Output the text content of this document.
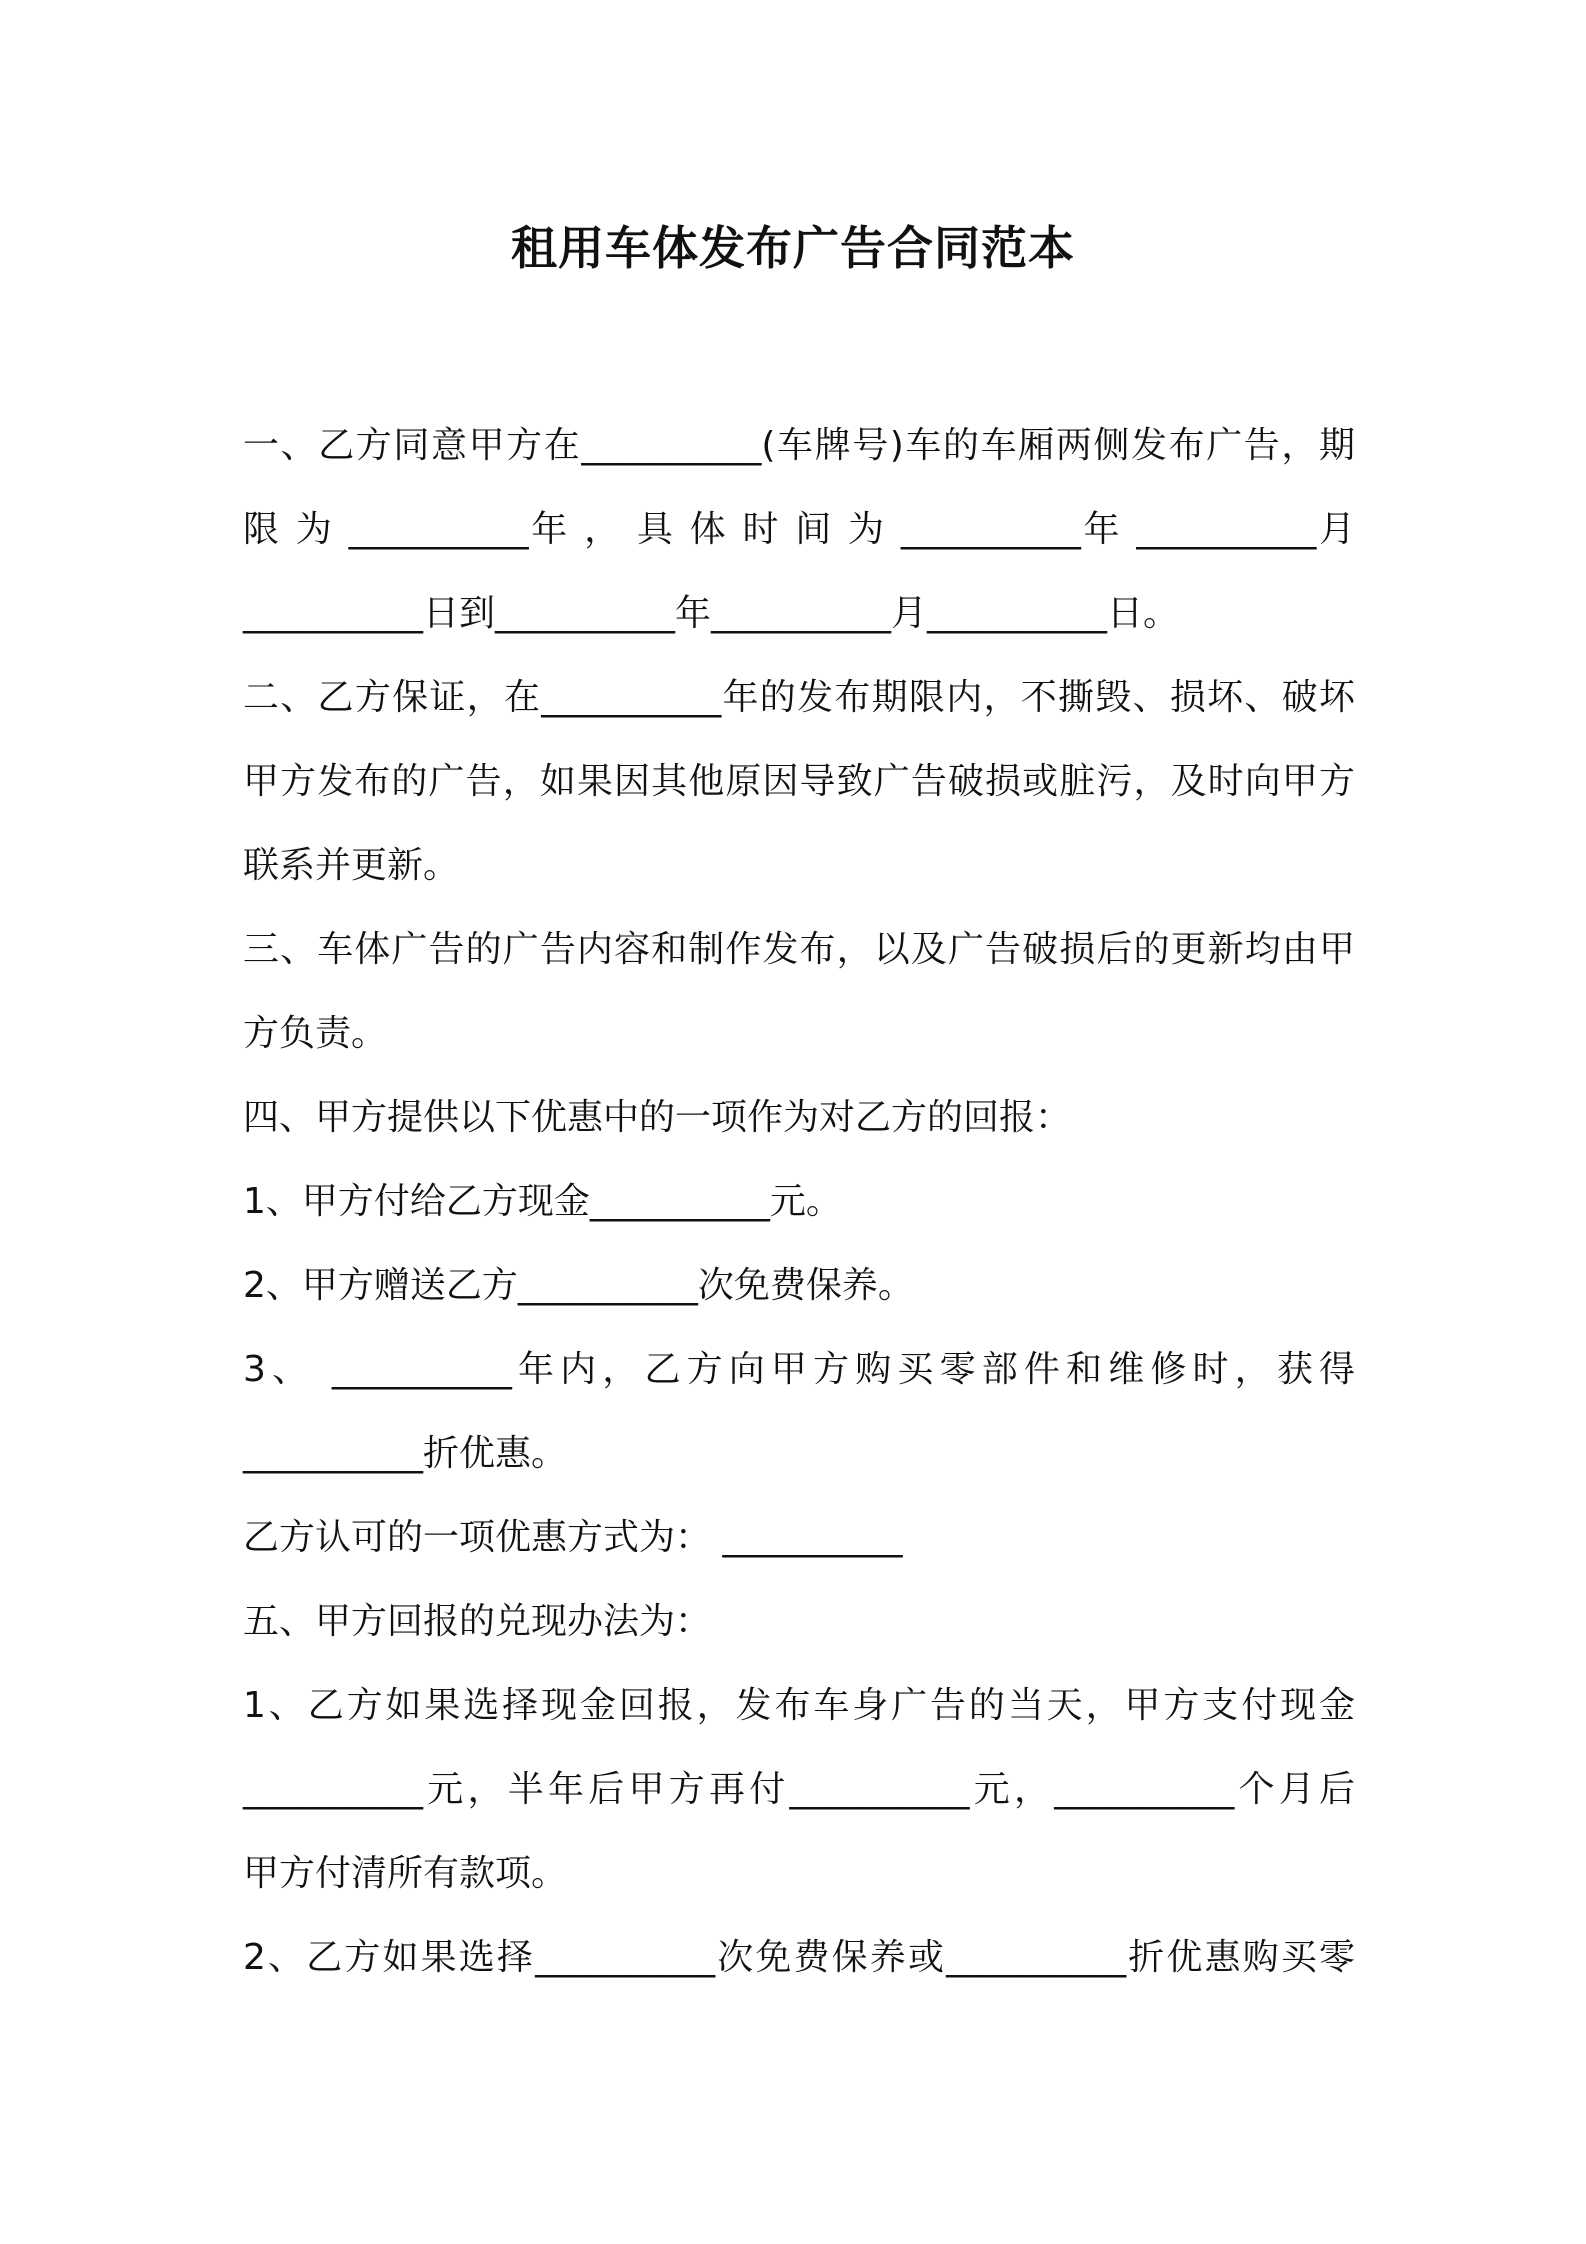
租用车体发布广告合同范本
一、乙方同意甲方在__________(车牌号)车的车厢两侧发布广告，期
限 为 __________年 ， 具 体 时 间 为 __________年 __________月
__________日到__________年__________月__________日。
二、乙方保证，在__________年的发布期限内，不撕毁、损坏、破坏
甲方发布的广告，如果因其他原因导致广告破损或脏污，及时向甲方
联系并更新。
三、车体广告的广告内容和制作发布，以及广告破损后的更新均由甲
方负责。
四、甲方提供以下优惠中的一项作为对乙方的回报：
1、甲方付给乙方现金__________元。
2、甲方赠送乙方__________次免费保养。
3、 __________年内，乙方向甲方购买零部件和维修时，获得
__________折优惠。
乙方认可的一项优惠方式为： __________
五、甲方回报的兑现办法为：
1、乙方如果选择现金回报，发布车身广告的当天，甲方支付现金
__________元，半年后甲方再付__________元，__________个月后
甲方付清所有款项。
2、乙方如果选择__________次免费保养或__________折优惠购买零
